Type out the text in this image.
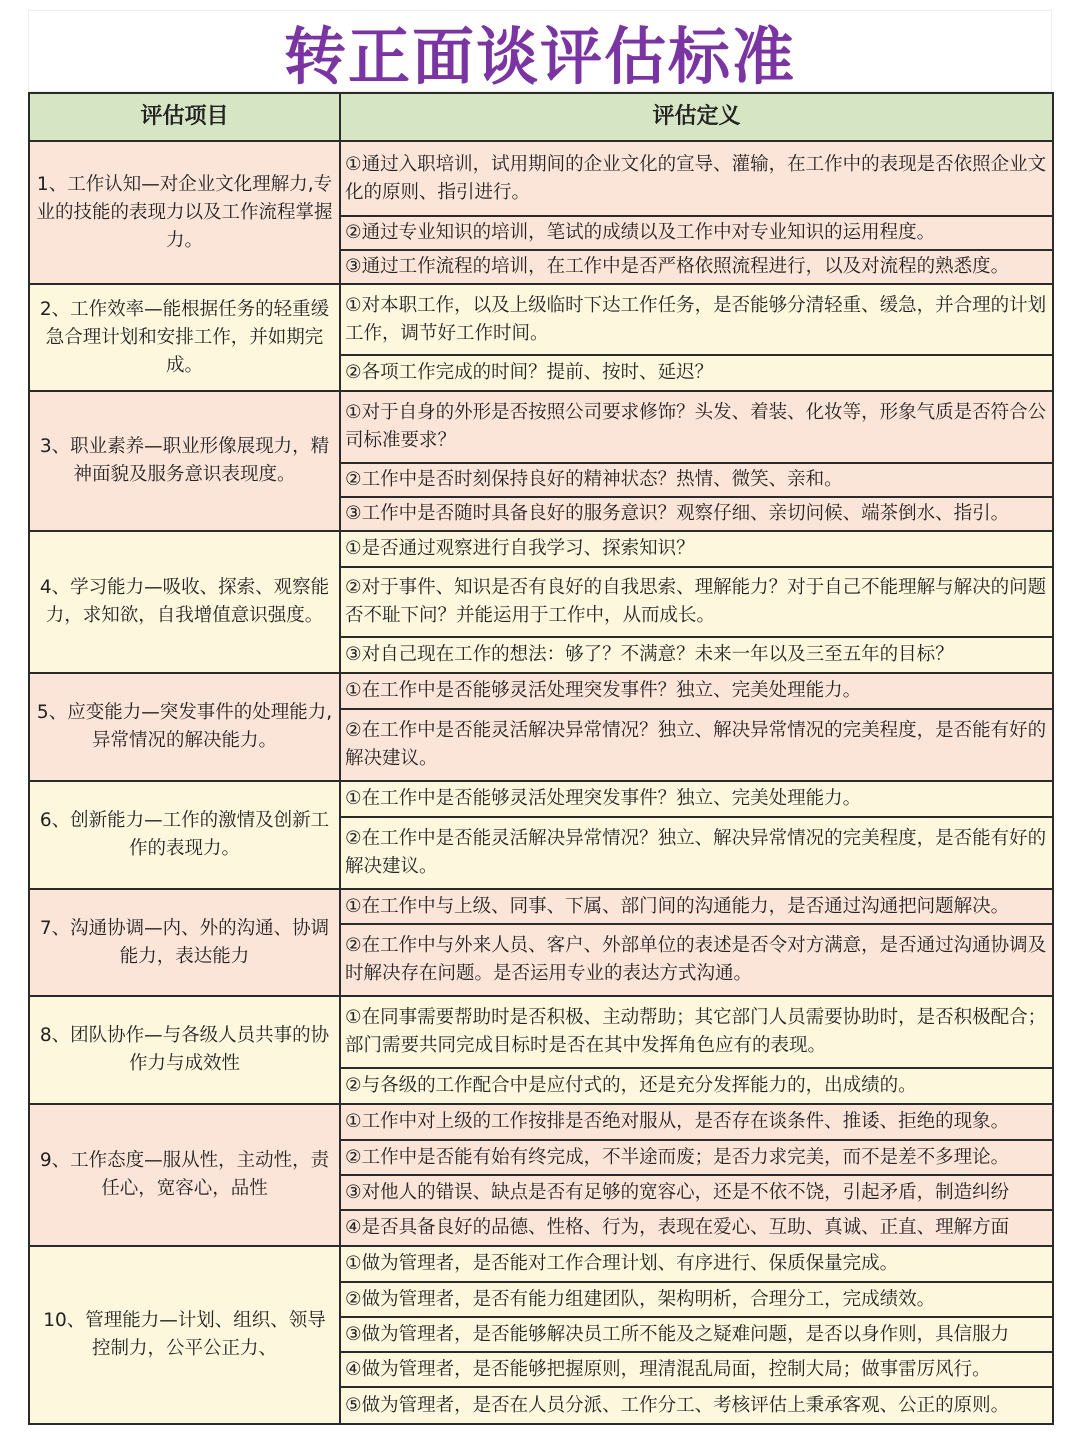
转正面谈评估标准
评估项目	评估定义
1、工作认知—对企业文化理解力,专业的技能的表现力以及工作流程掌握力。	①通过入职培训，试用期间的企业文化的宣导、灌输，在工作中的表现是否依照企业文化的原则、指引进行。
	②通过专业知识的培训，笔试的成绩以及工作中对专业知识的运用程度。
	③通过工作流程的培训，在工作中是否严格依照流程进行，以及对流程的熟悉度。
2、工作效率—能根据任务的轻重缓急合理计划和安排工作，并如期完成。	①对本职工作，以及上级临时下达工作任务，是否能够分清轻重、缓急，并合理的计划工作，调节好工作时间。
	②各项工作完成的时间？提前、按时、延迟？
3、职业素养—职业形像展现力，精神面貌及服务意识表现度。	①对于自身的外形是否按照公司要求修饰？头发、着装、化妆等，形象气质是否符合公司标准要求？
	②工作中是否时刻保持良好的精神状态？热情、微笑、亲和。
	③工作中是否随时具备良好的服务意识？观察仔细、亲切问候、端茶倒水、指引。
4、学习能力—吸收、探索、观察能力，求知欲，自我增值意识强度。	①是否通过观察进行自我学习、探索知识？
	②对于事件、知识是否有良好的自我思索、理解能力？对于自己不能理解与解决的问题否不耻下问？并能运用于工作中，从而成长。
	③对自己现在工作的想法：够了？不满意？未来一年以及三至五年的目标？
5、应变能力—突发事件的处理能力,异常情况的解决能力。	①在工作中是否能够灵活处理突发事件？独立、完美处理能力。
	②在工作中是否能灵活解决异常情况？独立、解决异常情况的完美程度，是否能有好的解决建议。
6、创新能力—工作的激情及创新工作的表现力。	①在工作中是否能够灵活处理突发事件？独立、完美处理能力。
	②在工作中是否能灵活解决异常情况？独立、解决异常情况的完美程度，是否能有好的解决建议。
7、沟通协调—内、外的沟通、协调能力，表达能力	①在工作中与上级、同事、下属、部门间的沟通能力，是否通过沟通把问题解决。
	②在工作中与外来人员、客户、外部单位的表述是否令对方满意，是否通过沟通协调及时解决存在问题。是否运用专业的表达方式沟通。
8、团队协作—与各级人员共事的协作力与成效性	①在同事需要帮助时是否积极、主动帮助；其它部门人员需要协助时，是否积极配合；部门需要共同完成目标时是否在其中发挥角色应有的表现。
	②与各级的工作配合中是应付式的，还是充分发挥能力的，出成绩的。
9、工作态度—服从性，主动性，责任心，宽容心，品性	①工作中对上级的工作按排是否绝对服从，是否存在谈条件、推诿、拒绝的现象。
	②工作中是否能有始有终完成，不半途而废；是否力求完美，而不是差不多理论。
	③对他人的错误、缺点是否有足够的宽容心，还是不依不饶，引起矛盾，制造纠纷
	④是否具备良好的品德、性格、行为，表现在爱心、互助、真诚、正直、理解方面
10、管理能力—计划、组织、领导控制力，公平公正力、	①做为管理者，是否能对工作合理计划、有序进行、保质保量完成。
	②做为管理者，是否有能力组建团队，架构明析，合理分工，完成绩效。
	③做为管理者，是否能够解决员工所不能及之疑难问题，是否以身作则，具信服力
	④做为管理者，是否能够把握原则，理清混乱局面，控制大局；做事雷厉风行。
	⑤做为管理者，是否在人员分派、工作分工、考核评估上秉承客观、公正的原则。
